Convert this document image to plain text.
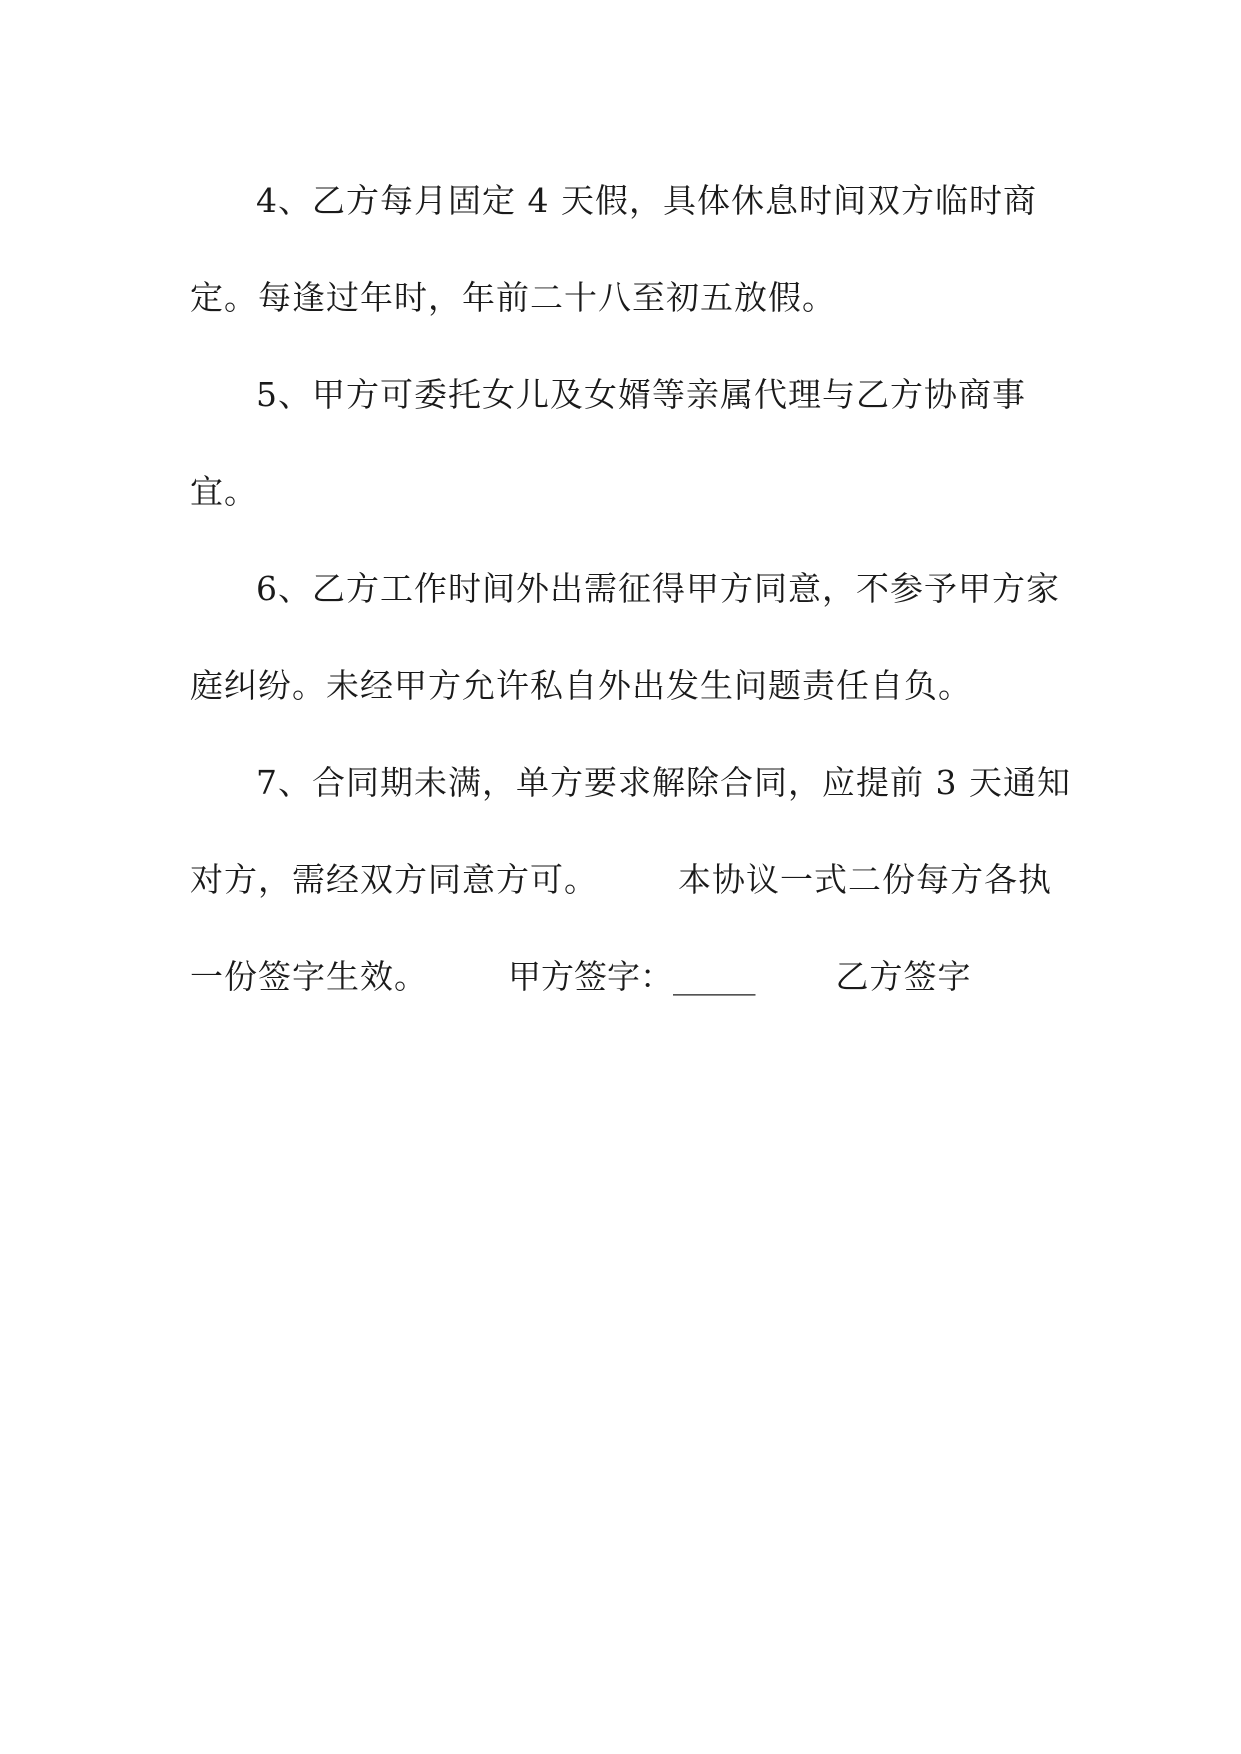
4、乙方每月固定 4 天假，具体休息时间双方临时商
定。每逢过年时，年前二十八至初五放假。
5、甲方可委托女儿及女婿等亲属代理与乙方协商事
宜。
6、乙方工作时间外出需征得甲方同意，不参予甲方家
庭纠纷。未经甲方允许私自外出发生问题责任自负。
7、合同期未满，单方要求解除合同，应提前 3 天通知
对方，需经双方同意方可。 本协议一式二份每方各执
一份签字生效。 甲方签字：_____ 乙方签字
